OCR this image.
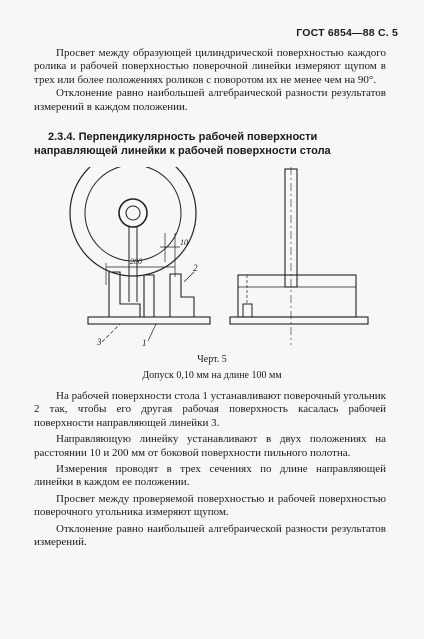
ГОСТ 6854—88 С. 5

Просвет между образующей цилиндрической поверхностью каждого ролика и рабочей поверхностью поверочной линейки измеряют щупом в трех или более положениях роликов с поворотом их не менее чем на 90°.

Отклонение равно наибольшей алгебраической разности результатов измерений в каждом положении.

2.3.4. Перпендикулярность рабочей поверхности направляющей линейки к рабочей поверхности стола
10
200
2
3	1
Черт. 5
Допуск 0,10 мм на длине 100 мм

На рабочей поверхности стола 1 устанавливают поверочный угольник 2 так, чтобы его другая рабочая поверхность касалась рабочей поверхности направляющей линейки 3.

Направляющую линейку устанавливают в двух положениях на расстоянии 10 и 200 мм от боковой поверхности пильного полотна.

Измерения проводят в трех сечениях по длине направляющей линейки в каждом ее положении.

Просвет между проверяемой поверхностью и рабочей поверхностью поверочного угольника измеряют щупом.

Отклонение равно наибольшей алгебраической разности результатов измерений.
